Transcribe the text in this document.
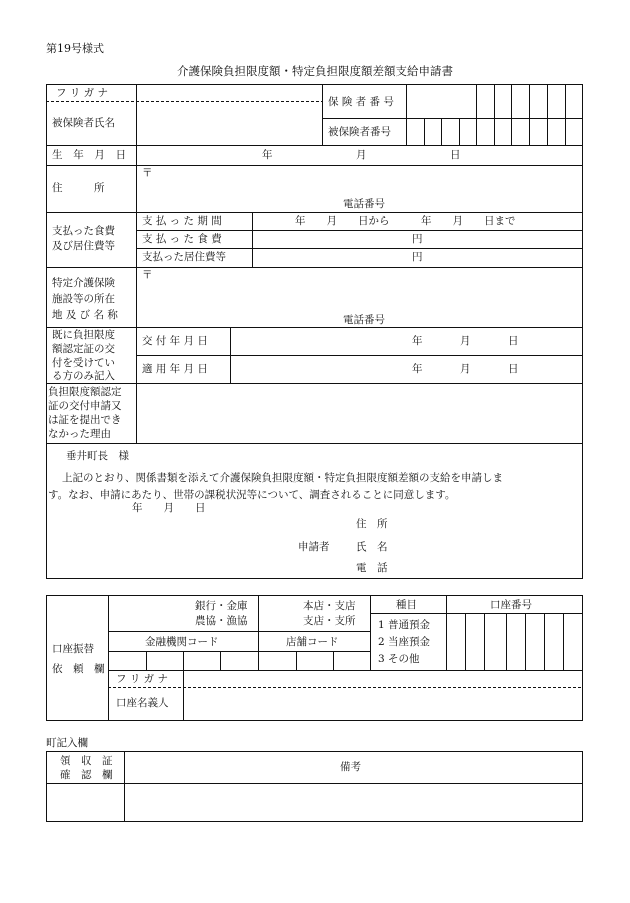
第19号様式
介護保険負担限度額・特定負担限度額差額支給申請書
フ リ ガ ナ
被保険者氏名
保 険 者 番 号
被保険者番号
生 年 月 日	年	月	日
住　　　所
〒
電話番号
支払った食費
及び居住費等
支 払 っ た 期 間	年　　月　　日から　　　年　　月　　日まで
支 払 っ た 食 費	円
支払った居住費等	円
特定介護保険
施設等の所在
地 及 び 名 称
〒
電話番号
既に負担限度
額認定証の交
付を受けてい
る方のみ記入
交 付 年 月 日	年	月	日
適 用 年 月 日	年	月	日
負担限度額認定
証の交付申請又
は証を提出でき
なかった理由
垂井町長　様
上記のとおり、関係書類を添えて介護保険負担限度額・特定負担限度額差額の支給を申請しま
す。なお、申請にあたり、世帯の課税状況等について、調査されることに同意します。
年　　月　　日
住　所
申請者	氏　名
電　話
口座振替
依　頼　欄
銀行・金庫
農協・漁協
本店・支店
支店・支所
種目	口座番号
金融機関コード	店舗コード
1 普通預金
2 当座預金
3 その他
フ リ ガ ナ
口座名義人
町記入欄
領　収　証
確　認　欄
備考
